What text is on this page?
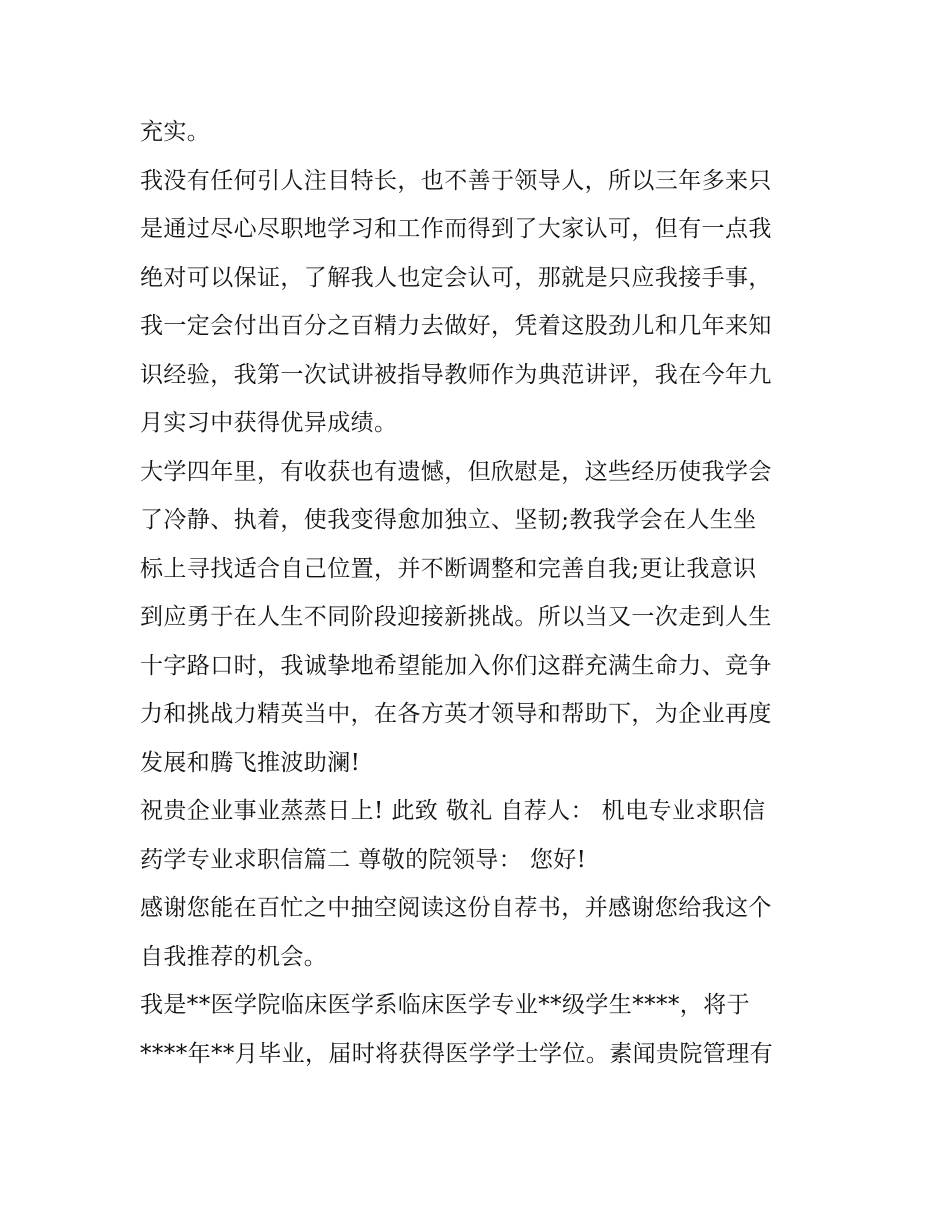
充实。
我没有任何引人注目特长，也不善于领导人，所以三年多来只
是通过尽心尽职地学习和工作而得到了大家认可，但有一点我
绝对可以保证，了解我人也定会认可，那就是只应我接手事，
我一定会付出百分之百精力去做好，凭着这股劲儿和几年来知
识经验，我第一次试讲被指导教师作为典范讲评，我在今年九
月实习中获得优异成绩。
大学四年里，有收获也有遗憾，但欣慰是，这些经历使我学会
了冷静、执着，使我变得愈加独立、坚韧;教我学会在人生坐
标上寻找适合自己位置，并不断调整和完善自我;更让我意识
到应勇于在人生不同阶段迎接新挑战。所以当又一次走到人生
十字路口时，我诚挚地希望能加入你们这群充满生命力、竞争
力和挑战力精英当中，在各方英才领导和帮助下，为企业再度
发展和腾飞推波助澜!
祝贵企业事业蒸蒸日上! 此致 敬礼 自荐人： 机电专业求职信
药学专业求职信篇二 尊敬的院领导： 您好!
感谢您能在百忙之中抽空阅读这份自荐书，并感谢您给我这个
自我推荐的机会。
我是**医学院临床医学系临床医学专业**级学生****，将于
****年**月毕业，届时将获得医学学士学位。素闻贵院管理有
